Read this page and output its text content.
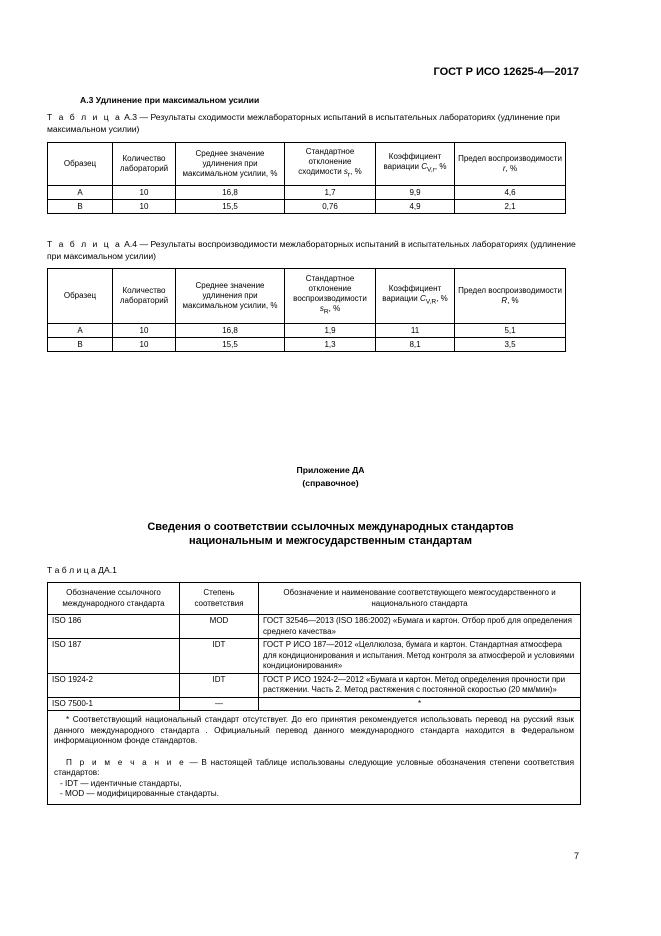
ГОСТ Р ИСО 12625-4—2017
А.3 Удлинение при максимальном усилии
Т а б л и ц а А.3 — Результаты сходимости межлабораторных испытаний в испытательных лабораториях (удлинение при максимальном усилии)
Образец	Количество лабораторий	Среднее значение удлинения при максимальном усилии, %	Стандартное отклонение сходимости $s_r$, %	Коэффициент вариации $C_{V,r}$, %	Предел воспроизводимости r, %
А	10	16,8	1,7	9,9	4,6
В	10	15,5	0,76	4,9	2,1
Т а б л и ц а А.4 — Результаты воспроизводимости межлабораторных испытаний в испытательных лабораториях (удлинение при максимальном усилии)
Образец	Количество лабораторий	Среднее значение удлинения при максимальном усилии, %	Стандартное отклонение воспроизводимости $s_R$, %	Коэффициент вариации $C_{V,R}$, %	Предел воспроизводимости R, %
А	10	16,8	1,9	11	5,1
В	10	15,5	1,3	8,1	3,5
Приложение ДА
(справочное)
Сведения о соответствии ссылочных международных стандартов
национальным и межгосударственным стандартам
Т а б л и ц а ДА.1
Обозначение ссылочного международного стандарта	Степень соответствия	Обозначение и наименование соответствующего межгосударственного и национального стандарта
ISO 186	MOD	ГОСТ 32546—2013 (ISO 186:2002) «Бумага и картон. Отбор проб для определения среднего качества»
ISO 187	IDT	ГОСТ Р ИСО 187—2012 «Целлюлоза, бумага и картон. Стандартная атмосфера для кондиционирования и испытания. Метод контроля за атмосферой и условиями кондиционирования»
ISO 1924-2	IDT	ГОСТ Р ИСО 1924-2—2012 «Бумага и картон. Метод определения прочности при растяжении. Часть 2. Метод растяжения с постоянной скоростью (20 мм/мин)»
ISO 7500-1	—	*

* Соответствующий национальный стандарт отсутствует. До его принятия рекомендуется использовать перевод на русский язык данного международного стандарта . Официальный перевод данного международного стандарта находится в Федеральном информационном фонде стандартов.
П р и м е ч а н и е — В настоящей таблице использованы следующие условные обозначения степени соответствия стандартов:
- IDT — идентичные стандарты,
- MOD — модифицированные стандарты.		
7
